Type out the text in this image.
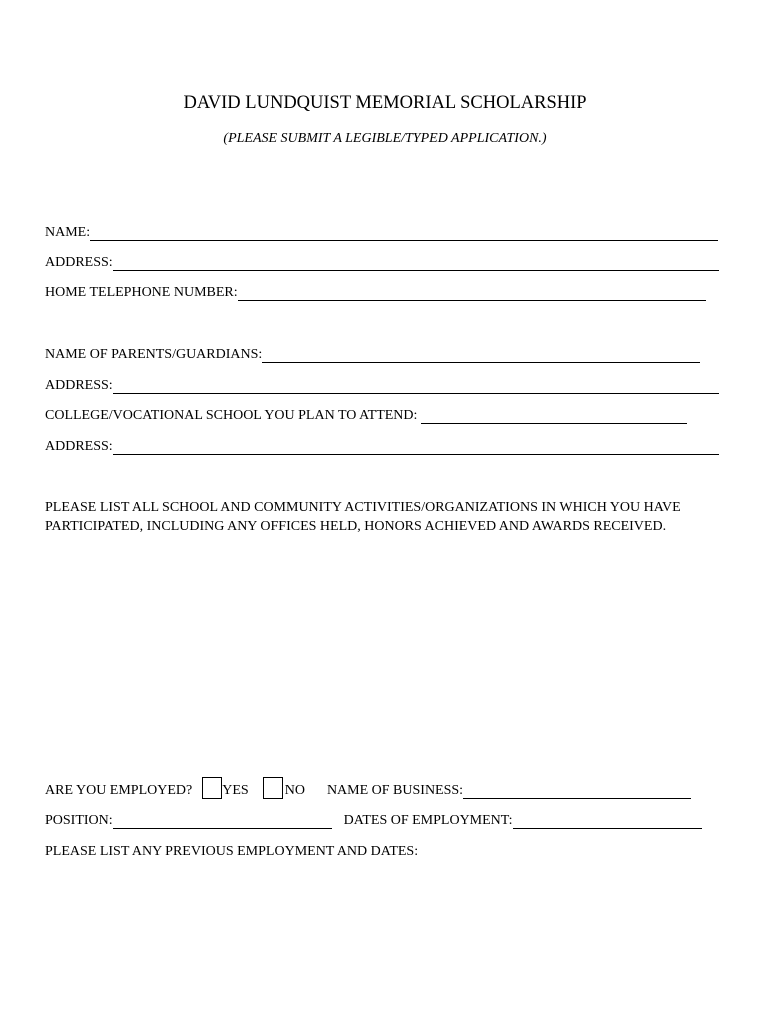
DAVID LUNDQUIST MEMORIAL SCHOLARSHIP
(PLEASE SUBMIT A LEGIBLE/TYPED APPLICATION.)
NAME:
ADDRESS:
HOME TELEPHONE NUMBER:
NAME OF PARENTS/GUARDIANS:
ADDRESS:
COLLEGE/VOCATIONAL SCHOOL YOU PLAN TO ATTEND:
ADDRESS:
PLEASE LIST ALL SCHOOL AND COMMUNITY ACTIVITIES/ORGANIZATIONS IN WHICH YOU HAVE PARTICIPATED, INCLUDING ANY OFFICES HELD, HONORS ACHIEVED AND AWARDS RECEIVED.
ARE YOU EMPLOYED? YES	NO NAME OF BUSINESS:
POSITION:	DATES OF EMPLOYMENT:
PLEASE LIST ANY PREVIOUS EMPLOYMENT AND DATES:
